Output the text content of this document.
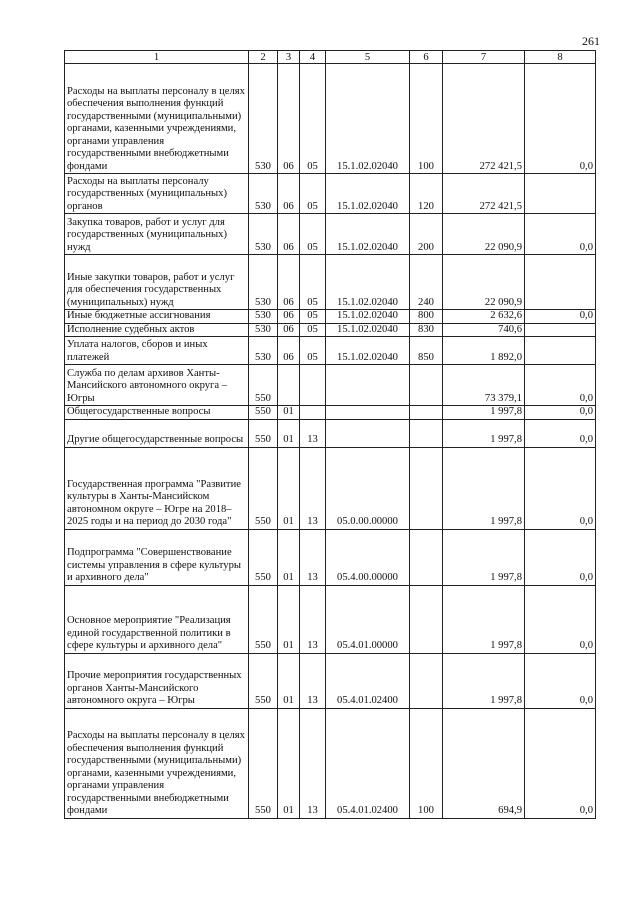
261
1	2	3	4	5	6	7	8
Расходы на выплаты персоналу в целях обеспечения выполнения функций государственными (муниципальными) органами, казенными учреждениями, органами управления государственными внебюджетными фондами	530	06	05	15.1.02.02040	100	272 421,5	0,0
Расходы на выплаты персоналу государственных (муниципальных) органов	530	06	05	15.1.02.02040	120	272 421,5	
Закупка товаров, работ и услуг для государственных (муниципальных) нужд	530	06	05	15.1.02.02040	200	22 090,9	0,0
Иные закупки товаров, работ и услуг для обеспечения государственных (муниципальных) нужд	530	06	05	15.1.02.02040	240	22 090,9	
Иные бюджетные ассигнования	530	06	05	15.1.02.02040	800	2 632,6	0,0
Исполнение судебных актов	530	06	05	15.1.02.02040	830	740,6	
Уплата налогов, сборов и иных платежей	530	06	05	15.1.02.02040	850	1 892,0	
Служба по делам архивов Ханты-Мансийского автономного округа – Югры	550					73 379,1	0,0
Общегосударственные вопросы	550	01				1 997,8	0,0
Другие общегосударственные вопросы	550	01	13			1 997,8	0,0
Государственная программа "Развитие культуры в Ханты-Мансийском автономном округе – Югре на 2018–2025 годы и на период до 2030 года"	550	01	13	05.0.00.00000		1 997,8	0,0
Подпрограмма "Совершенствование системы управления в сфере культуры и архивного дела"	550	01	13	05.4.00.00000		1 997,8	0,0
Основное мероприятие "Реализация единой государственной политики в сфере культуры и архивного дела"	550	01	13	05.4.01.00000		1 997,8	0,0
Прочие мероприятия государственных органов Ханты-Мансийского автономного округа – Югры	550	01	13	05.4.01.02400		1 997,8	0,0
Расходы на выплаты персоналу в целях обеспечения выполнения функций государственными (муниципальными) органами, казенными учреждениями, органами управления государственными внебюджетными фондами	550	01	13	05.4.01.02400	100	694,9	0,0
